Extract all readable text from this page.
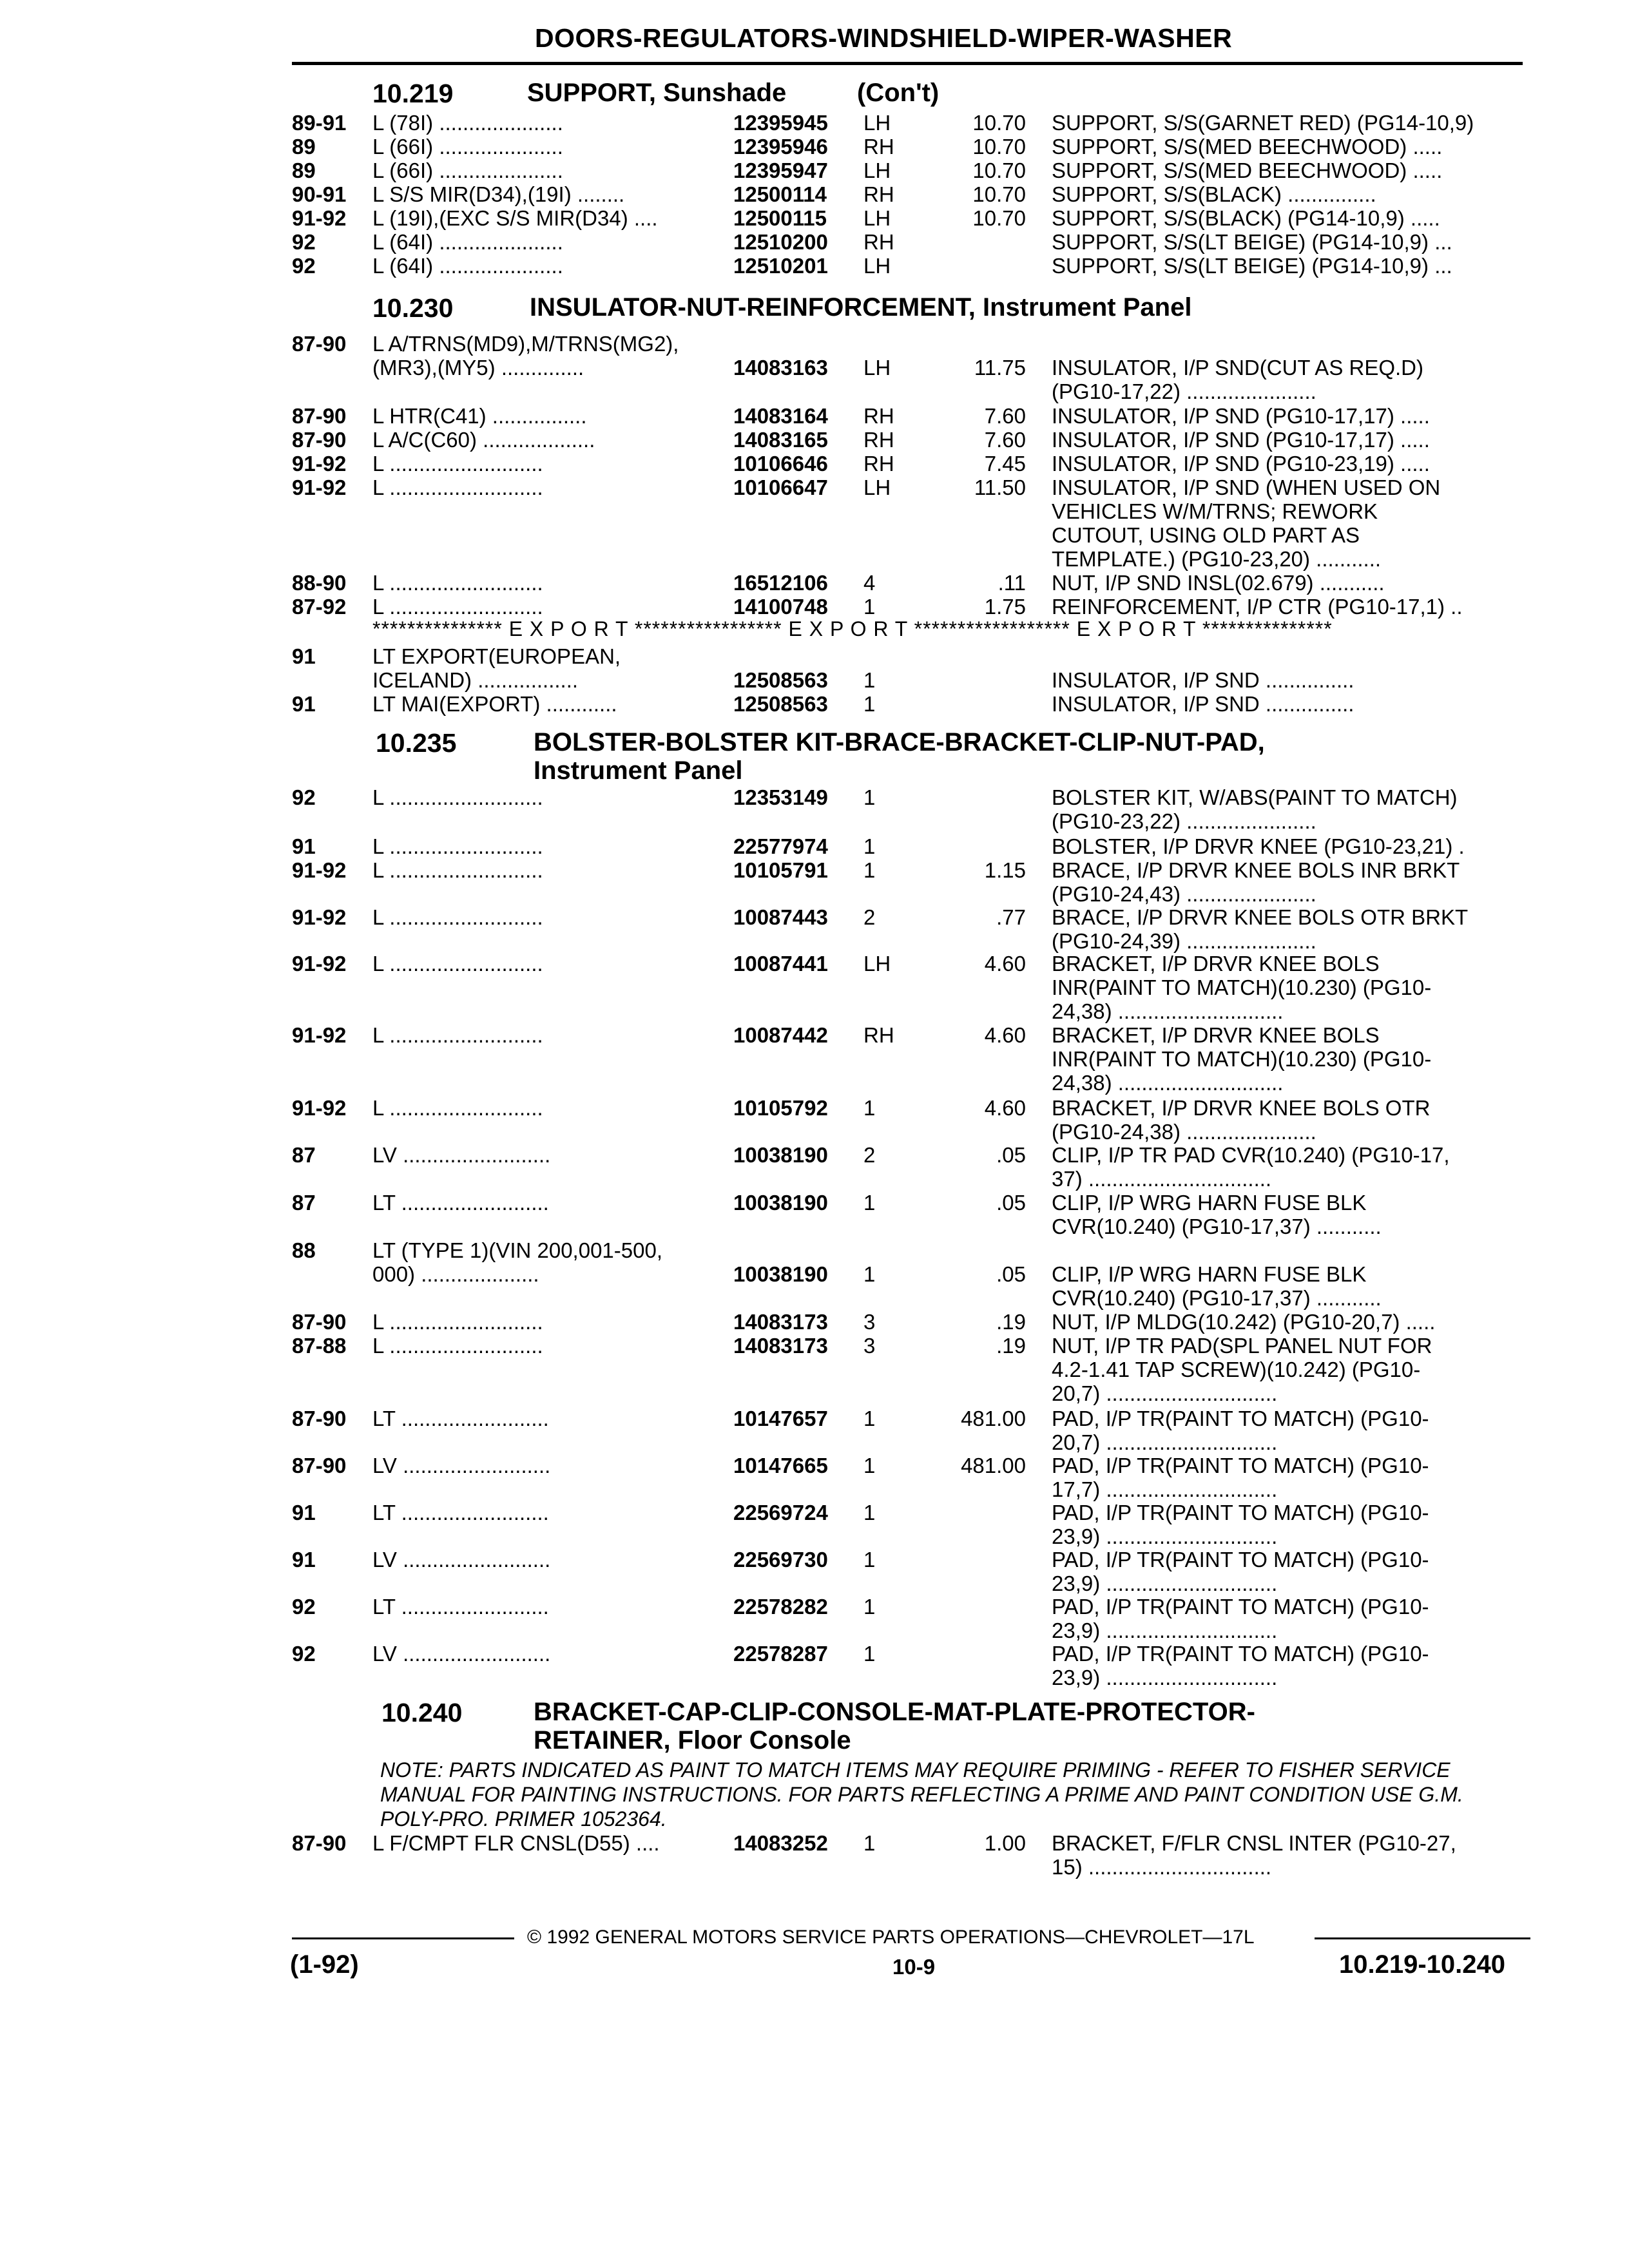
DOORS-REGULATORS-WINDSHIELD-WIPER-WASHER
10.219	SUPPORT, Sunshade	(Con't)
89-91 L (78I) .....................	12395945 LH	10.70 SUPPORT, S/S(GARNET RED) (PG14-10,9)
89	L (66I) .....................	12395946 RH	10.70 SUPPORT, S/S(MED BEECHWOOD) .....
89	L (66I) .....................	12395947 LH	10.70 SUPPORT, S/S(MED BEECHWOOD) .....
90-91 L S/S MIR(D34),(19I) ........	12500114 RH	10.70 SUPPORT, S/S(BLACK) ...............
91-92 L (19I),(EXC S/S MIR(D34) ....	12500115 LH	10.70 SUPPORT, S/S(BLACK) (PG14-10,9) .....
92	L (64I) .....................	12510200 RH	SUPPORT, S/S(LT BEIGE) (PG14-10,9) ...
92	L (64I) .....................	12510201 LH	SUPPORT, S/S(LT BEIGE) (PG14-10,9) ...
10.230	INSULATOR-NUT-REINFORCEMENT, Instrument Panel
87-90 L A/TRNS(MD9),M/TRNS(MG2),
(MR3),(MY5) ..............	14083163 LH	11.75 INSULATOR, I/P SND(CUT AS REQ.D)
(PG10-17,22) ......................
87-90 L HTR(C41) ................	14083164 RH	7.60 INSULATOR, I/P SND (PG10-17,17) .....
87-90 L A/C(C60) ...................	14083165 RH	7.60 INSULATOR, I/P SND (PG10-17,17) .....
91-92 L ..........................	10106646 RH	7.45 INSULATOR, I/P SND (PG10-23,19) .....
91-92 L ..........................	10106647 LH	11.50 INSULATOR, I/P SND (WHEN USED ON
VEHICLES W/M/TRNS; REWORK
CUTOUT, USING OLD PART AS
TEMPLATE.) (PG10-23,20) ...........
88-90 L ..........................	16512106 4	.11 NUT, I/P SND INSL(02.679) ...........
87-92 L ..........................	14100748 1	1.75 REINFORCEMENT, I/P CTR (PG10-17,1) ..
*************** E X P O R T ***************** E X P O R T ****************** E X P O R T ***************
91	LT EXPORT(EUROPEAN,
ICELAND) .................	12508563 1	INSULATOR, I/P SND ...............
91	LT MAI(EXPORT) ............	12508563 1	INSULATOR, I/P SND ...............
10.235	BOLSTER-BOLSTER KIT-BRACE-BRACKET-CLIP-NUT-PAD,
Instrument Panel
92	L ..........................	12353149 1	BOLSTER KIT, W/ABS(PAINT TO MATCH)
(PG10-23,22) ......................
91	L ..........................	22577974 1	BOLSTER, I/P DRVR KNEE (PG10-23,21) .
91-92 L ..........................	10105791 1	1.15 BRACE, I/P DRVR KNEE BOLS INR BRKT
(PG10-24,43) ......................
91-92 L ..........................	10087443 2	.77 BRACE, I/P DRVR KNEE BOLS OTR BRKT
(PG10-24,39) ......................
91-92 L ..........................	10087441 LH	4.60 BRACKET, I/P DRVR KNEE BOLS
INR(PAINT TO MATCH)(10.230) (PG10-
24,38) ............................
91-92 L ..........................	10087442 RH	4.60 BRACKET, I/P DRVR KNEE BOLS
INR(PAINT TO MATCH)(10.230) (PG10-
24,38) ............................
91-92 L ..........................	10105792 1	4.60 BRACKET, I/P DRVR KNEE BOLS OTR
(PG10-24,38) ......................
87	LV .........................	10038190 2	.05 CLIP, I/P TR PAD CVR(10.240) (PG10-17,
37) ...............................
87	LT .........................	10038190 1	.05 CLIP, I/P WRG HARN FUSE BLK
CVR(10.240) (PG10-17,37) ...........
88	LT (TYPE 1)(VIN 200,001-500,
000) ....................	10038190 1	.05 CLIP, I/P WRG HARN FUSE BLK
CVR(10.240) (PG10-17,37) ...........
87-90 L ..........................	14083173 3	.19 NUT, I/P MLDG(10.242) (PG10-20,7) .....
87-88 L ..........................	14083173 3	.19 NUT, I/P TR PAD(SPL PANEL NUT FOR
4.2-1.41 TAP SCREW)(10.242) (PG10-
20,7) .............................
87-90 LT .........................	10147657 1	481.00 PAD, I/P TR(PAINT TO MATCH) (PG10-
20,7) .............................
87-90 LV .........................	10147665 1	481.00 PAD, I/P TR(PAINT TO MATCH) (PG10-
17,7) .............................
91	LT .........................	22569724 1	PAD, I/P TR(PAINT TO MATCH) (PG10-
23,9) .............................
91	LV .........................	22569730 1	PAD, I/P TR(PAINT TO MATCH) (PG10-
23,9) .............................
92	LT .........................	22578282 1	PAD, I/P TR(PAINT TO MATCH) (PG10-
23,9) .............................
92	LV .........................	22578287 1	PAD, I/P TR(PAINT TO MATCH) (PG10-
23,9) .............................
10.240	BRACKET-CAP-CLIP-CONSOLE-MAT-PLATE-PROTECTOR-
RETAINER, Floor Console
NOTE: PARTS INDICATED AS PAINT TO MATCH ITEMS MAY REQUIRE PRIMING - REFER TO FISHER SERVICE MANUAL FOR PAINTING INSTRUCTIONS. FOR PARTS REFLECTING A PRIME AND PAINT CONDITION USE G.M. POLY-PRO. PRIMER 1052364.
87-90 L F/CMPT FLR CNSL(D55) ....	14083252 1	1.00 BRACKET, F/FLR CNSL INTER (PG10-27,
15) ...............................
© 1992 GENERAL MOTORS SERVICE PARTS OPERATIONS—CHEVROLET—17L
(1-92)	10-9	10.219-10.240
